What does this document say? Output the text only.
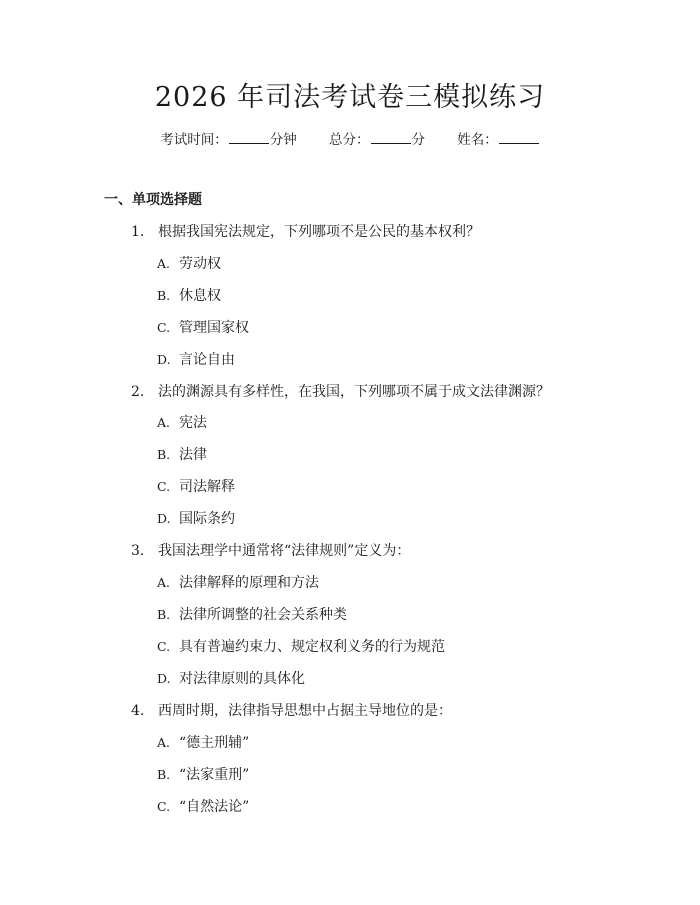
2026 年司法考试卷三模拟练习
考试时间：	分钟 总分：	分 姓名：
一、单项选择题
1. 根据我国宪法规定，下列哪项不是公民的基本权利？
A. 劳动权
B. 休息权
C. 管理国家权
D. 言论自由
2. 法的渊源具有多样性，在我国，下列哪项不属于成文法律渊源？
A. 宪法
B. 法律
C. 司法解释
D. 国际条约
3. 我国法理学中通常将“法律规则”定义为：
A. 法律解释的原理和方法
B. 法律所调整的社会关系种类
C. 具有普遍约束力、规定权利义务的行为规范
D. 对法律原则的具体化
4. 西周时期，法律指导思想中占据主导地位的是：
A. “德主刑辅”
B. “法家重刑”
C. “自然法论”
